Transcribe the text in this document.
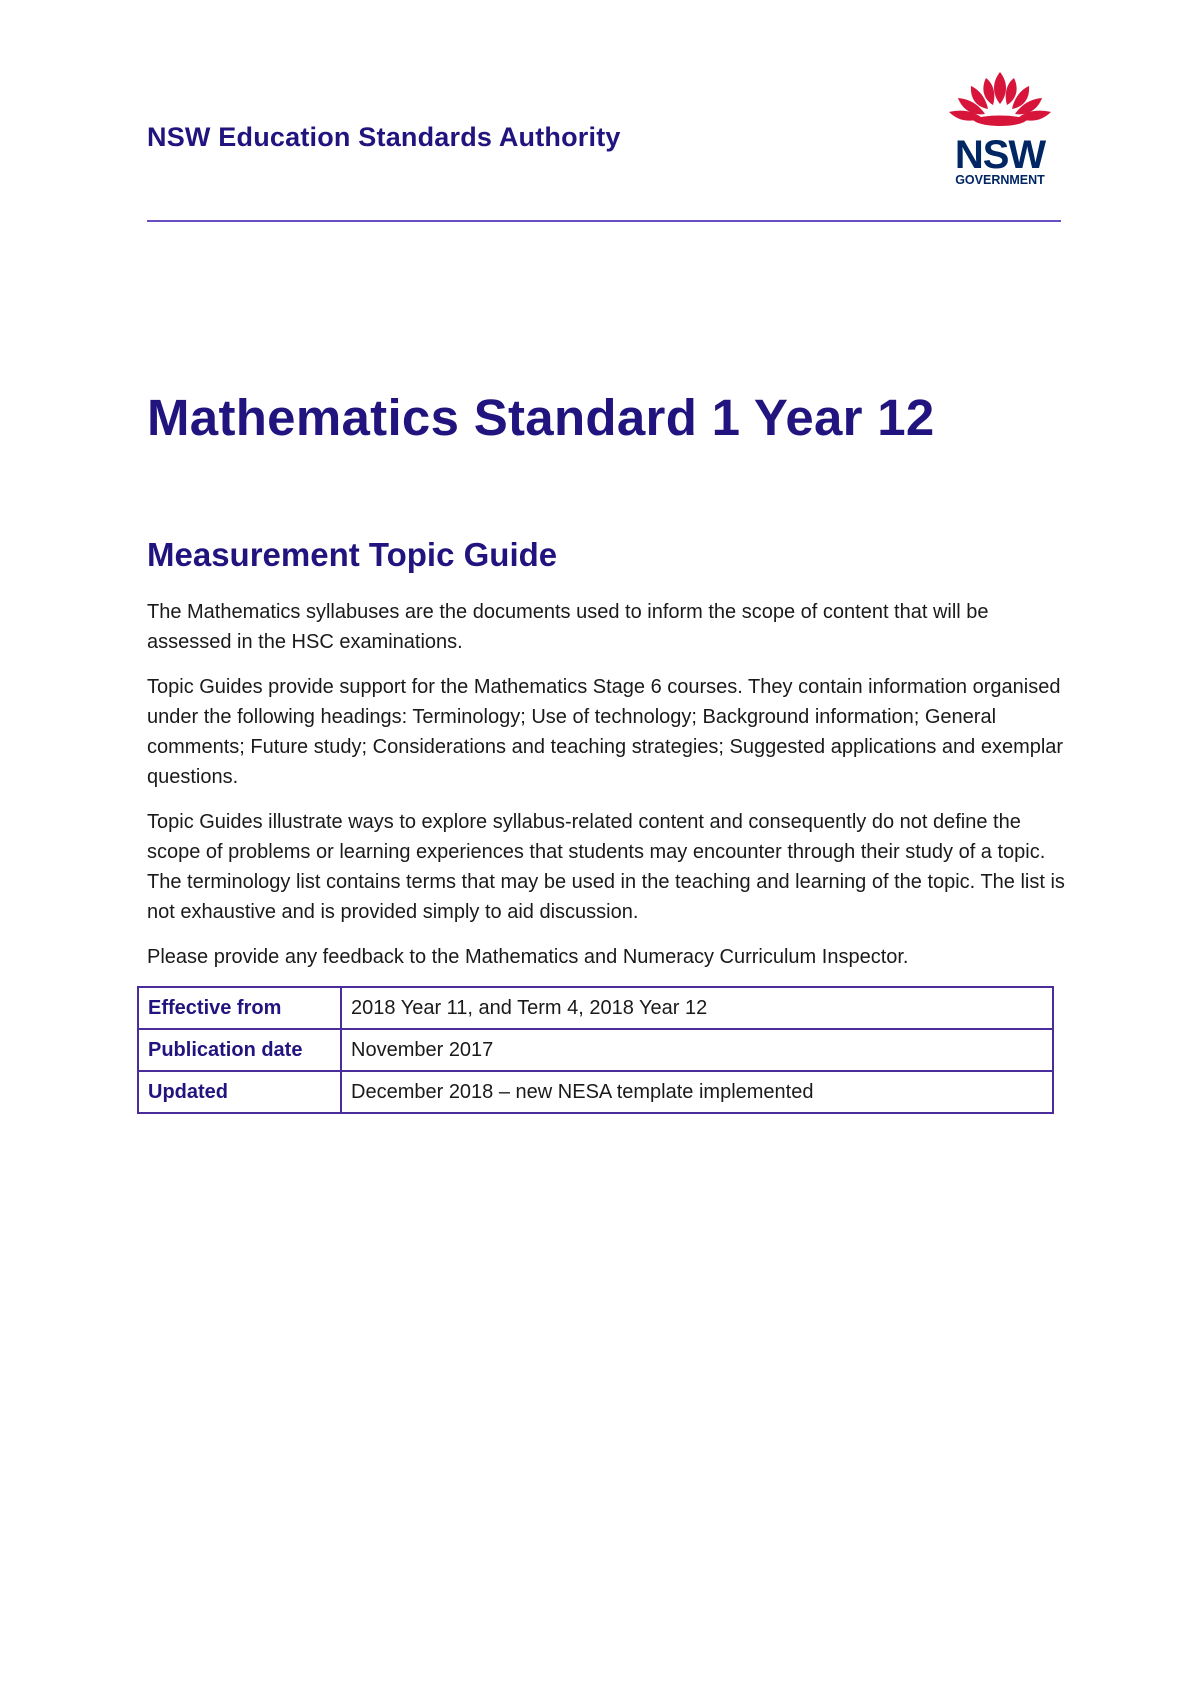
NSW Education Standards Authority	NSW
GOVERNMENT
Mathematics Standard 1 Year 12
Measurement Topic Guide

The Mathematics syllabuses are the documents used to inform the scope of content that will be assessed in the HSC examinations.

Topic Guides provide support for the Mathematics Stage 6 courses. They contain information organised under the following headings: Terminology; Use of technology; Background information; General comments; Future study; Considerations and teaching strategies; Suggested applications and exemplar questions.

Topic Guides illustrate ways to explore syllabus-related content and consequently do not define the scope of problems or learning experiences that students may encounter through their study of a topic. The terminology list contains terms that may be used in the teaching and learning of the topic. The list is not exhaustive and is provided simply to aid discussion.

Please provide any feedback to the Mathematics and Numeracy Curriculum Inspector.

Effective from	2018 Year 11, and Term 4, 2018 Year 12
Publication date	November 2017
Updated	December 2018 – new NESA template implemented
